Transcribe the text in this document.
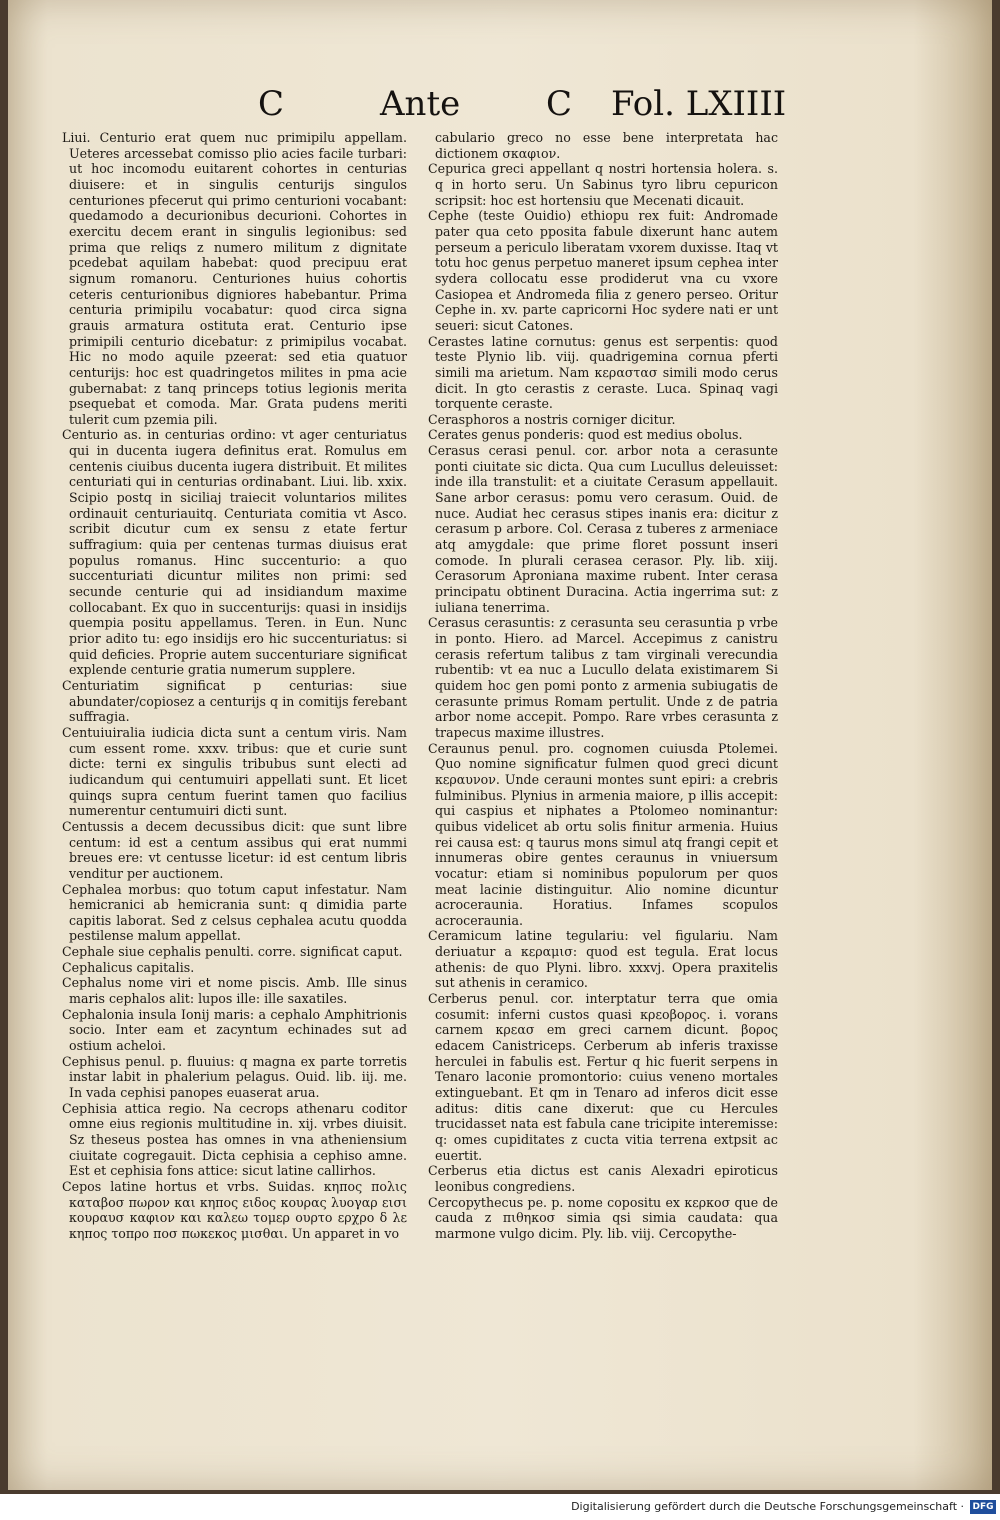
C	Ante	C Fol. LXIIII

Liui. Centurio erat quem nuc primipilu appellam. Ueteres arcessebat comisso plio acies facile turbari: ut hoc incomodu euitarent cohortes in centurias diuisere: et in singulis centurijs singulos centuriones pfecerut qui primo centurioni vocabant: quedamodo a decurionibus decurioni. Cohortes in exercitu decem erant in singulis legionibus: sed prima que reliqs z numero militum z dignitate pcedebat aquilam habebat: quod precipuu erat signum romanoru. Centuriones huius cohortis ceteris centurionibus digniores habebantur. Prima centuria primipilu vocabatur: quod circa signa grauis armatura ostituta erat. Centurio ipse primipili centurio dicebatur: z primipilus vocabat. Hic no modo aquile pzeerat: sed etia quatuor centurijs: hoc est quadringetos milites in pma acie gubernabat: z tanq princeps totius legionis merita psequebat et comoda. Mar. Grata pudens meriti tulerit cum pzemia pili.

Centurio as. in centurias ordino: vt ager centuriatus qui in ducenta iugera definitus erat. Romulus em centenis ciuibus ducenta iugera distribuit. Et milites centuriati qui in centurias ordinabant. Liui. lib. xxix. Scipio postq in siciliaj traiecit voluntarios milites ordinauit centuriauitq. Centuriata comitia vt Asco. scribit dicutur cum ex sensu z etate fertur suffragium: quia per centenas turmas diuisus erat populus romanus. Hinc succenturio: a quo succenturiati dicuntur milites non primi: sed secunde centurie qui ad insidiandum maxime collocabant. Ex quo in succenturijs: quasi in insidijs quempia positu appellamus. Teren. in Eun. Nunc prior adito tu: ego insidijs ero hic succenturiatus: si quid deficies. Proprie autem succenturiare significat explende centurie gratia numerum supplere.

Centuriatim significat p centurias: siue abundater/copiosez a centurijs q in comitijs ferebant suffragia.

Centuiuiralia iudicia dicta sunt a centum viris. Nam cum essent rome. xxxv. tribus: que et curie sunt dicte: terni ex singulis tribubus sunt electi ad iudicandum qui centumuiri appellati sunt. Et licet quinqs supra centum fuerint tamen quo facilius numerentur centumuiri dicti sunt.

Centussis a decem decussibus dicit: que sunt libre centum: id est a centum assibus qui erat nummi breues ere: vt centusse licetur: id est centum libris venditur per auctionem.

Cephalea morbus: quo totum caput infestatur. Nam hemicranici ab hemicrania sunt: q dimidia parte capitis laborat. Sed z celsus cephalea acutu quodda pestilense malum appellat.

Cephale siue cephalis penulti. corre. significat caput.

Cephalicus capitalis.

Cephalus nome viri et nome piscis. Amb. Ille sinus maris cephalos alit: lupos ille: ille saxatiles.

Cephalonia insula Ionij maris: a cephalo Amphitrionis socio. Inter eam et zacyntum echinades sut ad ostium acheloi.

Cephisus penul. p. fluuius: q magna ex parte torretis instar labit in phalerium pelagus. Ouid. lib. iij. me. In vada cephisi panopes euaserat arua.

Cephisia attica regio. Na cecrops athenaru coditor omne eius regionis multitudine in. xij. vrbes diuisit. Sz theseus postea has omnes in vna atheniensium ciuitate cogregauit. Dicta cephisia a cephiso amne. Est et cephisia fons attice: sicut latine callirhos.

Cepos latine hortus et vrbs. Suidas. κηπος πολις καταβοσ πωρον και κηπος ειδος κουρας λυογαρ εισι κουραυσ καφιον και καλεω τομερ ουρτο ερχρο δ λε κηπος τοπρο ποσ πωκεκος μισθαι. Un apparet in vo

cabulario greco no esse bene interpretata hac dictionem σκαφιον.

Cepurica greci appellant q nostri hortensia holera. s. q in horto seru. Un Sabinus tyro libru cepuricon scripsit: hoc est hortensiu que Mecenati dicauit.

Cephe (teste Ouidio) ethiopu rex fuit: Andromade pater qua ceto pposita fabule dixerunt hanc autem perseum a periculo liberatam vxorem duxisse. Itaq vt totu hoc genus perpetuo maneret ipsum cephea inter sydera collocatu esse prodiderut vna cu vxore Casiopea et Andromeda filia z genero perseo. Oritur Cephe in. xv. parte capricorni Hoc sydere nati er unt seueri: sicut Catones.

Cerastes latine cornutus: genus est serpentis: quod teste Plynio lib. viij. quadrigemina cornua pferti simili ma arietum. Nam κεραστασ simili modo cerus dicit. In gto cerastis z ceraste. Luca. Spinaq vagi torquente ceraste.

Cerasphoros a nostris corniger dicitur.

Cerates genus ponderis: quod est medius obolus.

Cerasus cerasi penul. cor. arbor nota a cerasunte ponti ciuitate sic dicta. Qua cum Lucullus deleuisset: inde illa transtulit: et a ciuitate Cerasum appellauit. Sane arbor cerasus: pomu vero cerasum. Ouid. de nuce. Audiat hec cerasus stipes inanis era: dicitur z cerasum p arbore. Col. Cerasa z tuberes z armeniace atq amygdale: que prime floret possunt inseri comode. In plurali cerasea cerasor. Ply. lib. xiij. Cerasorum Aproniana maxime rubent. Inter cerasa principatu obtinent Duracina. Actia ingerrima sut: z iuliana tenerrima.

Cerasus cerasuntis: z cerasunta seu cerasuntia p vrbe in ponto. Hiero. ad Marcel. Accepimus z canistru cerasis refertum talibus z tam virginali verecundia rubentib: vt ea nuc a Lucullo delata existimarem Si quidem hoc gen pomi ponto z armenia subiugatis de cerasunte primus Romam pertulit. Unde z de patria arbor nome accepit. Pompo. Rare vrbes cerasunta z trapecus maxime illustres.

Ceraunus penul. pro. cognomen cuiusda Ptolemei. Quo nomine significatur fulmen quod greci dicunt κεραυνον. Unde cerauni montes sunt epiri: a crebris fulminibus. Plynius in armenia maiore, p illis accepit: qui caspius et niphates a Ptolomeo nominantur: quibus videlicet ab ortu solis finitur armenia. Huius rei causa est: q taurus mons simul atq frangi cepit et innumeras obire gentes ceraunus in vniuersum vocatur: etiam si nominibus populorum per quos meat lacinie distinguitur. Alio nomine dicuntur acroceraunia. Horatius. Infames scopulos acroceraunia.

Ceramicum latine tegulariu: vel figulariu. Nam deriuatur a κεραμισ: quod est tegula. Erat locus athenis: de quo Plyni. libro. xxxvj. Opera praxitelis sut athenis in ceramico.

Cerberus penul. cor. interptatur terra que omia cosumit: inferni custos quasi κρεοβορος. i. vorans carnem κρεασ em greci carnem dicunt. βορος edacem Canistriceps. Cerberum ab inferis traxisse herculei in fabulis est. Fertur q hic fuerit serpens in Tenaro laconie promontorio: cuius veneno mortales extinguebant. Et qm in Tenaro ad inferos dicit esse aditus: ditis cane dixerut: que cu Hercules trucidasset nata est fabula cane tricipite interemisse: q: omes cupiditates z cucta vitia terrena extpsit ac euertit.

Cerberus etia dictus est canis Alexadri epiroticus leonibus congrediens.

Cercopythecus pe. p. nome copositu ex κερκοσ que de cauda z πιθηκοσ simia qsi simia caudata: qua marmone vulgo dicim. Ply. lib. viij. Cercopythe-

Digitalisierung gefördert durch die Deutsche Forschungsgemeinschaft · DFG
